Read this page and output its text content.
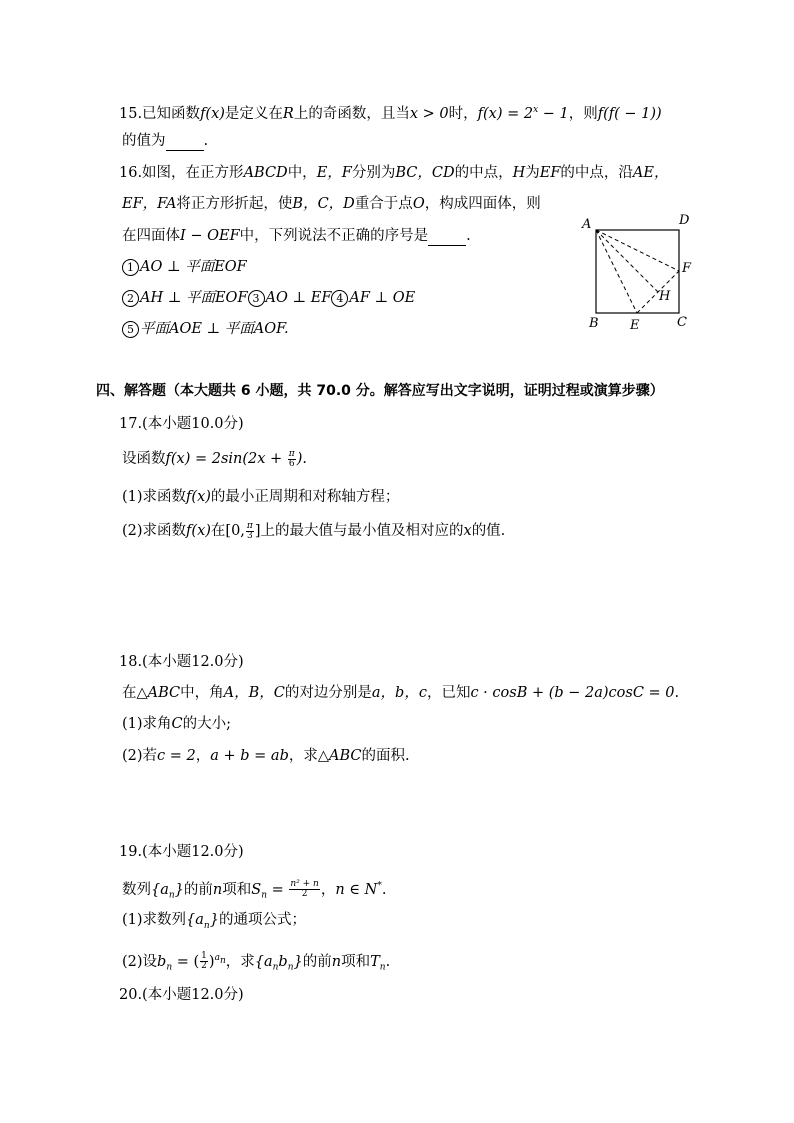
15.已知函数f(x)是定义在R上的奇函数，且当x > 0时，$f(x) = 2^x - 1$，则f(f( − 1))
的值为	.
16.如图，在正方形ABCD中，E，F分别为BC，CD的中点，H为EF的中点，沿AE，
EF，FA将正方形折起，使B，C，D重合于点O，构成四面体，则
在四面体I − OEF中，下列说法不正确的序号是	.
1 AO ⊥ 平面EOF
2 AH ⊥ 平面EOF 3 AO ⊥ EF 4 AF ⊥ OE
5 平面AOE ⊥ 平面AOF.
A	D
F
H
B E	C
四、解答题（本大题共 6 小题，共 70.0 分。解答应写出文字说明，证明过程或演算步骤）
17.(本小题10.0分)
设函数$f(x) = 2\sin(2x + \frac{\pi}{6}$ ).
(1)求函数f(x)的最小正周期和对称轴方程；
(2)求函数f(x)在[0, $\frac{\pi}{3}$ ]上的最大值与最小值及相对应的x的值.
18.(本小题12.0分)
在△ABC中，角A，B，C的对边分别是a，b，c，已知c · cosB + (b − 2a)cosC = 0.
(1)求角C的大小;
(2)若c = 2，a + b = ab，求△ABC的面积.
19.(本小题12.0分)
数列$\{a_n\}$的前n项和$S_n = \frac{\text{n² + n}}{2}$ ，n ∈ N*.
(1)求数列$\{a_n\}$的通项公式；
(2)设$b_n$ = ( $\frac{1}{2} )^{a_n}$，求$\{a_nb_n\}$的前n项和$T_n$.
20.(本小题12.0分)
